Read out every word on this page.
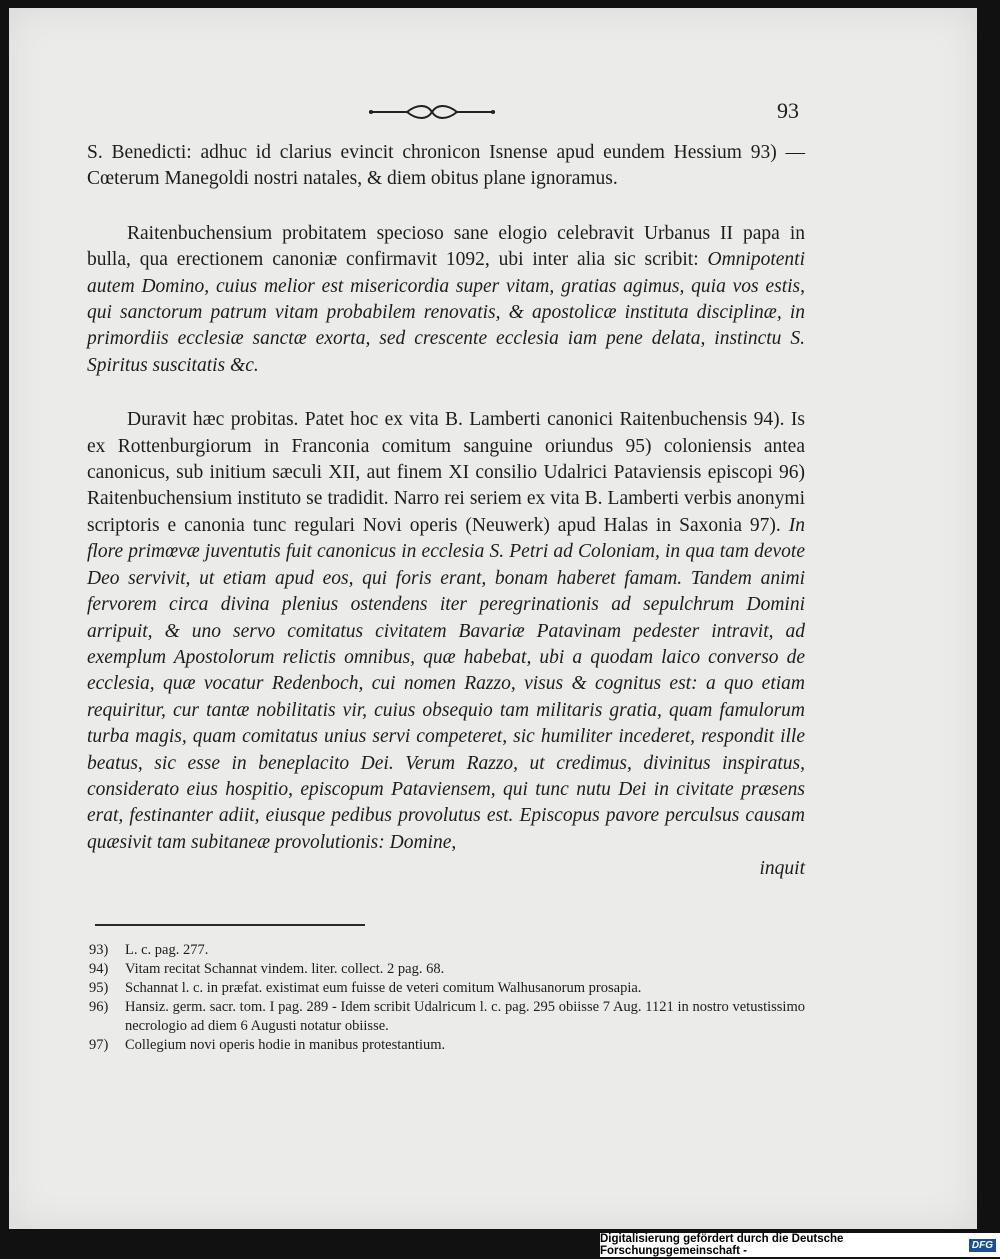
93

S. Benedicti: adhuc id clarius evincit chronicon Isnense apud eundem Hessium 93) — Cœterum Manegoldi nostri natales, & diem obitus plane ignoramus.

Raitenbuchensium probitatem specioso sane elogio celebravit Urbanus II papa in bulla, qua erectionem canoniæ confirmavit 1092, ubi inter alia sic scribit: Omnipotenti autem Domino, cuius melior est misericordia super vitam, gratias agimus, quia vos estis, qui sanctorum patrum vitam probabilem renovatis, & apostolicæ instituta disciplinæ, in primordiis ecclesiæ sanctæ exorta, sed crescente ecclesia iam pene delata, instinctu S. Spiritus suscitatis &c.

Duravit hæc probitas. Patet hoc ex vita B. Lamberti canonici Raitenbuchensis 94). Is ex Rottenburgiorum in Franconia comitum sanguine oriundus 95) coloniensis antea canonicus, sub initium sæculi XII, aut finem XI consilio Udalrici Pataviensis episcopi 96) Raitenbuchensium instituto se tradidit. Narro rei seriem ex vita B. Lamberti verbis anonymi scriptoris e canonia tunc regulari Novi operis (Neuwerk) apud Halas in Saxonia 97). In flore primœvæ juventutis fuit canonicus in ecclesia S. Petri ad Coloniam, in qua tam devote Deo servivit, ut etiam apud eos, qui foris erant, bonam haberet famam. Tandem animi fervorem circa divina plenius ostendens iter peregrinationis ad sepulchrum Domini arripuit, & uno servo comitatus civitatem Bavariæ Patavinam pedester intravit, ad exemplum Apostolorum relictis omnibus, quæ habebat, ubi a quodam laico converso de ecclesia, quæ vocatur Redenboch, cui nomen Razzo, visus & cognitus est: a quo etiam requiritur, cur tantæ nobilitatis vir, cuius obsequio tam militaris gratia, quam famulorum turba magis, quam comitatus unius servi competeret, sic humiliter incederet, respondit ille beatus, sic esse in beneplacito Dei. Verum Razzo, ut credimus, divinitus inspiratus, considerato eius hospitio, episcopum Pataviensem, qui tunc nutu Dei in civitate præsens erat, festinanter adiit, eiusque pedibus provolutus est. Episcopus pavore perculsus causam quæsivit tam subitaneæ provolutionis: Domine,

inquit

93)	L. c. pag. 277.
94)	Vitam recitat Schannat vindem. liter. collect. 2 pag. 68.
95)	Schannat l. c. in præfat. existimat eum fuisse de veteri comitum Walhusanorum prosapia.
96)	Hansiz. germ. sacr. tom. I pag. 289 - Idem scribit Udalricum l. c. pag. 295 obiisse 7 Aug. 1121 in nostro vetustissimo necrologio ad diem 6 Augusti notatur obiisse.
97)	Collegium novi operis hodie in manibus protestantium.
Digitalisierung gefördert durch die Deutsche Forschungsgemeinschaft -	DFG
